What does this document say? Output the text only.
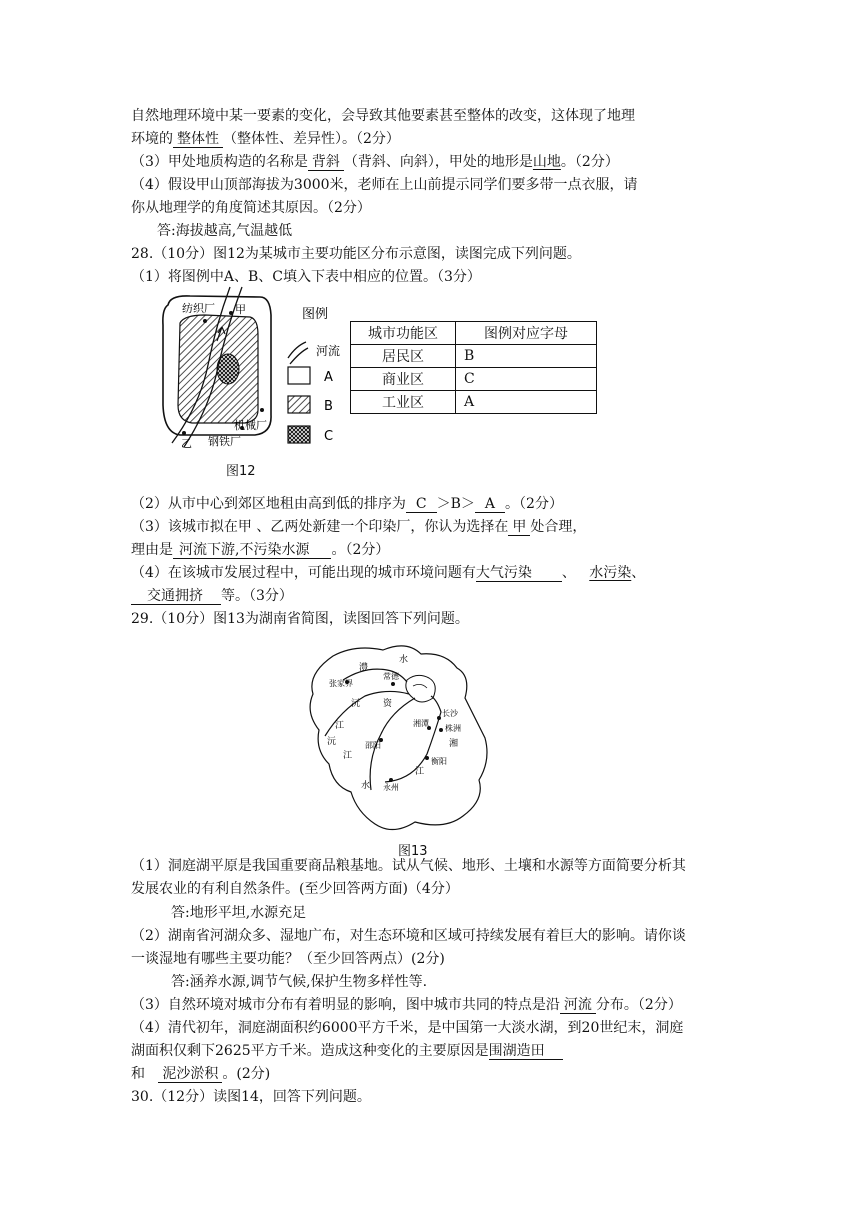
自然地理环境中某一要素的变化，会导致其他要素甚至整体的改变，这体现了地理
环境的 整体性 （整体性、差异性）。（2分）
（3）甲处地质构造的名称是 背斜 （背斜、向斜），甲处的地形是山地。（2分）
（4）假设甲山顶部海拔为3000米，老师在上山前提示同学们要多带一点衣服，请
你从地理学的角度简述其原因。（2分）
答:海拔越高,气温越低
28.（10分）图12为某城市主要功能区分布示意图，读图完成下列问题。
（1）将图例中A、B、C填入下表中相应的位置。（3分）
纺织厂 甲
机械 厂
乙 钢铁厂
图12
图例
河流
A
B
C
城市功能区	图例对应字母
居民区	B
商业区	C
工业区	A
（2）从市中心到郊区地租由高到低的排序为 C ＞B＞ A 。（2分）
（3）该城市拟在甲 、乙两处新建一个印染厂，你认为选择在 甲 处合理，
理由是 河流下游,不污染水源 。（2分）
（4）在该城市发展过程中，可能出现的城市环境问题有大气污染 、 水污染、
交通拥挤 等。（3分）
29.（10分）图13为湖南省简图，读图回答下列问题。
张家界
常德
长沙
湘潭
株洲
邵阳
衡阳
永州
澧
水
沅
江
资
水
湘
江
沅
江
图13
（1）洞庭湖平原是我国重要商品粮基地。试从气候、地形、土壤和水源等方面简要分析其
发展农业的有利自然条件。(至少回答两方面)（4分）
答:地形平坦,水源充足
（2）湖南省河湖众多、湿地广布，对生态环境和区域可持续发展有着巨大的影响。请你谈
一谈湿地有哪些主要功能？（至少回答两点）(2分)
答:涵养水源,调节气候,保护生物多样性等.
（3）自然环境对城市分布有着明显的影响，图中城市共同的特点是沿 河流 分布。（2分）
（4）清代初年，洞庭湖面积约6000平方千米，是中国第一大淡水湖，到20世纪末，洞庭
湖面积仅剩下2625平方千米。造成这种变化的主要原因是围湖造田
和 泥沙淤积 。(2分)
30.（12分）读图14，回答下列问题。
